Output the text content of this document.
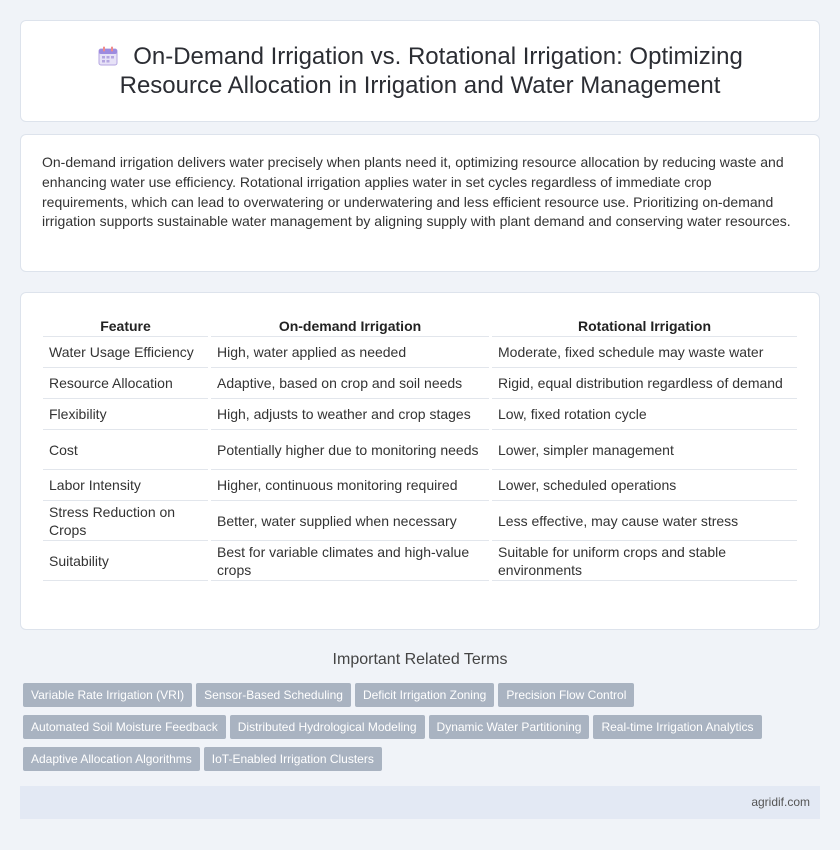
On-Demand Irrigation vs. Rotational Irrigation: Optimizing Resource Allocation in Irrigation and Water Management

On-demand irrigation delivers water precisely when plants need it, optimizing resource allocation by reducing waste and enhancing water use efficiency. Rotational irrigation applies water in set cycles regardless of immediate crop requirements, which can lead to overwatering or underwatering and less efficient resource use. Prioritizing on-demand irrigation supports sustainable water management by aligning supply with plant demand and conserving water resources.

Feature	On-demand Irrigation	Rotational Irrigation
Water Usage Efficiency	High, water applied as needed	Moderate, fixed schedule may waste water
Resource Allocation	Adaptive, based on crop and soil needs	Rigid, equal distribution regardless of demand
Flexibility	High, adjusts to weather and crop stages	Low, fixed rotation cycle
Cost	Potentially higher due to monitoring needs	Lower, simpler management
Labor Intensity	Higher, continuous monitoring required	Lower, scheduled operations
Stress Reduction on Crops	Better, water supplied when necessary	Less effective, may cause water stress
Suitability	Best for variable climates and high-value crops	Suitable for uniform crops and stable environments
Important Related Terms
Variable Rate Irrigation (VRI) Sensor-Based Scheduling Deficit Irrigation Zoning Precision Flow Control
Automated Soil Moisture Feedback Distributed Hydrological Modeling Dynamic Water Partitioning Real-time Irrigation Analytics
Adaptive Allocation Algorithms IoT-Enabled Irrigation Clusters
agridif.com
